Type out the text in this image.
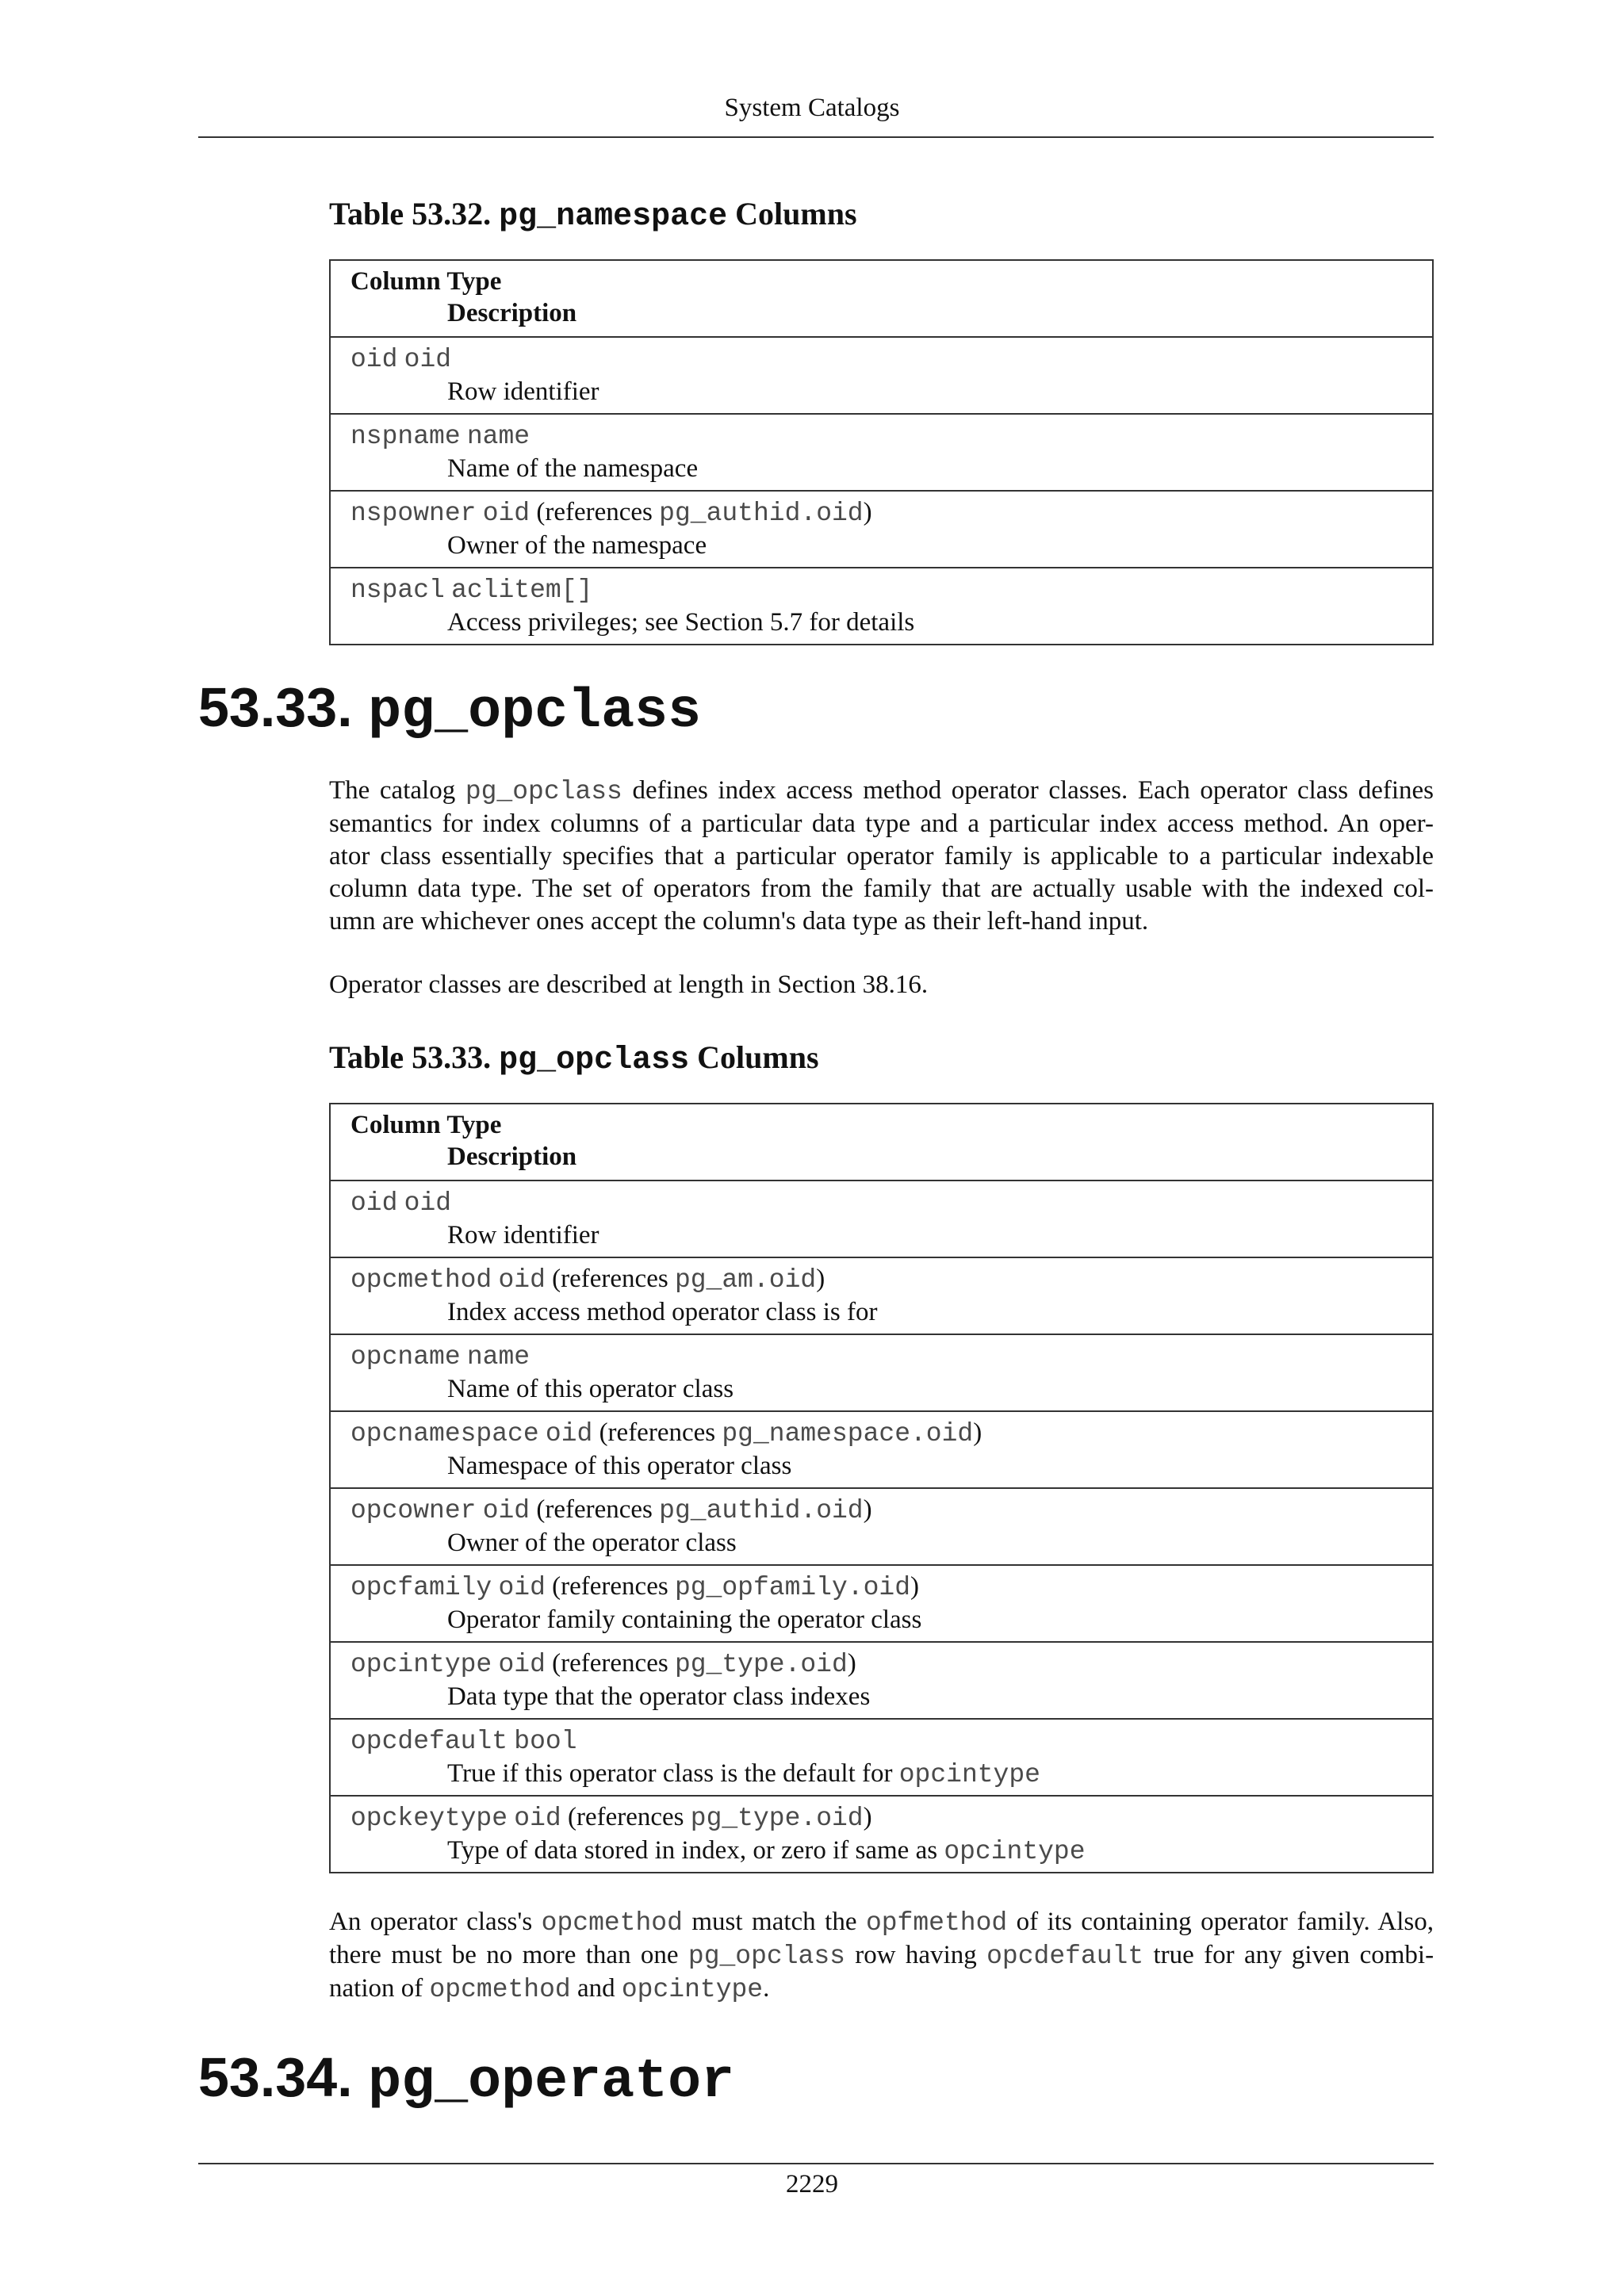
System Catalogs
Table 53.32. pg_namespace Columns
Column Type
Description

oid oid
Row identifier

nspname name
Name of the namespace

nspowner oid (references pg_authid.oid)
Owner of the namespace

nspacl aclitem[]
Access privileges; see Section 5.7 for details
53.33. pg_opclass
The catalog pg_opclass defines index access method operator classes. Each operator class defines
semantics for index columns of a particular data type and a particular index access method. An oper-
ator class essentially specifies that a particular operator family is applicable to a particular indexable
column data type. The set of operators from the family that are actually usable with the indexed col-
umn are whichever ones accept the column's data type as their left-hand input.
Operator classes are described at length in Section 38.16.
Table 53.33. pg_opclass Columns
Column Type
Description

oid oid
Row identifier

opcmethod oid (references pg_am.oid)
Index access method operator class is for

opcname name
Name of this operator class

opcnamespace oid (references pg_namespace.oid)
Namespace of this operator class

opcowner oid (references pg_authid.oid)
Owner of the operator class

opcfamily oid (references pg_opfamily.oid)
Operator family containing the operator class

opcintype oid (references pg_type.oid)
Data type that the operator class indexes

opcdefault bool
True if this operator class is the default for opcintype

opckeytype oid (references pg_type.oid)
Type of data stored in index, or zero if same as opcintype
An operator class's opcmethod must match the opfmethod of its containing operator family. Also,
there must be no more than one pg_opclass row having opcdefault true for any given combi-
nation of opcmethod and opcintype.
53.34. pg_operator
2229
